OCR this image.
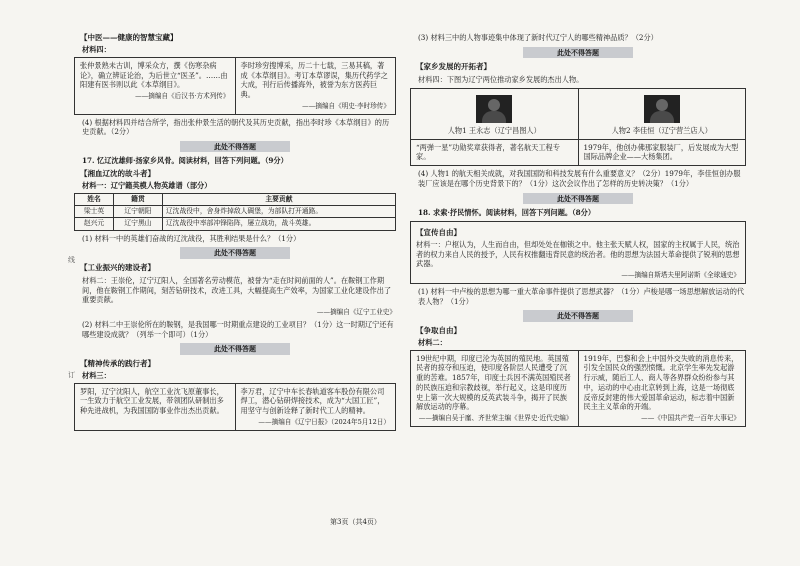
线
订
【中医——健康的智慧宝藏】
材料四：
张仲景熟未古训，博采众方，撰《伤寒杂病论》，确立辨证论治，为后世立“医圣”。……由阳建有医书则以此《本草纲目》。
——摘编自《后汉书·方术列传》
李时珍穷搜博采，历二十七载，三易其稿，著成《本草纲目》。考订本草谬误，集历代药学之大成，刊行后传播海外，被誉为东方医药巨典。
——摘编自《明史·李时珍传》
(4) 根据材料四并结合所学，指出张仲景生活的朝代及其历史贡献，指出李时珍《本草纲目》的历史贡献。（2分）
此处不得答题
17. 忆辽沈雄师·扬家乡风骨。阅读材料，回答下列问题。（9分）
【湘血辽沈的故斗者】
材料一：辽宁籍英模人物英雄谱（部分）
姓名	籍贯	主要贡献
梁士英	辽宁朝阳	辽沈战役中，舍身炸掉敌人碉堡，为部队打开通路。
赵兴元	辽宁黑山	辽沈战役中率部冲锋陷阵，屡立战功，战斗英雄。
(1) 材料一中的英雄们奋战的辽沈战役，其胜利结果是什么？（1分）
此处不得答题
【工业振兴的建设者】
材料二：王崇伦，辽宁辽阳人，全国著名劳动模范，被誉为“走在时间前面的人”。在鞍钢工作期间，他在鞍钢工作期间，刻苦钻研技术，改进工具，大幅提高生产效率，为国家工业化建设作出了重要贡献。
——摘编自《辽宁工业史》
(2) 材料二中王崇伦所在的鞍钢，是我国哪一时期重点建设的工业项目？（1分）这一时期辽宁还有哪些建设成就？（列举一个即可）（1分）
此处不得答题
【精神传承的践行者】
材料三：
罗阳，辽宁沈阳人，航空工业沈飞原董事长，一生致力于航空工业发展，带领团队研制出多种先进战机，为我国国防事业作出杰出贡献。
李万君，辽宁中车长春轨道客车股份有限公司焊工，潜心钻研焊接技术，成为“大国工匠”，用坚守与创新诠释了新时代工人的精神。
——摘编自《辽宁日报》（2024年5月12日）
(3) 材料三中的人物事迹集中体现了新时代辽宁人的哪些精神品质？（2分）
此处不得答题
【家乡发展的开拓者】
材料四：下图为辽宁两位推动家乡发展的杰出人物。
人物1 王永志（辽宁昌图人）	人物2 李佳恒（辽宁营兰店人）
“两弹一星”功勋奖章获得者，著名航天工程专家。
1979年，他创办佛那家服装厂，后发展成为大型国际品牌企业——大杨集团。
(4) 人物1 的航天相关成就，对我国国防和科技发展有什么重要意义？（2分）1979年，李佳恒创办服装厂应该是在哪个历史背景下的？（1分）这次会议作出了怎样的历史转决策？（1分）
此处不得答题
18. 求索·抒民情怀。阅读材料，回答下列问题。（8分）
【宣传自由】
材料一：户枢认为，人生而自由，但却处处在枷锁之中。他主张天赋人权，国家的主权属于人民，统治者的权力来自人民的授予，人民有权推翻违背民意的统治者。他的思想为法国大革命提供了锐利的思想武器。
——摘编自斯塔夫里阿诺斯《全球通史》
(1) 材料一中卢梭的思想为哪一重大革命事件提供了思想武器？（1分）卢梭是哪一场思想解放运动的代表人物？（1分）
此处不得答题
【争取自由】
材料二：
19世纪中期，印度已沦为英国的殖民地。英国殖民者的掠夺和压迫，使印度各阶层人民遭受了沉重的苦难。1857年，印度士兵因不满英国殖民者的民族压迫和宗教歧视，举行起义，这是印度历史上第一次大规模的反英武装斗争，揭开了民族解放运动的序幕。
——摘编自吴于廑、齐世荣主编《世界史·近代史编》
1919年，巴黎和会上中国外交失败的消息传来，引发全国民众的强烈愤慨。北京学生率先发起游行示威，随后工人、商人等各界群众纷纷参与其中，运动的中心由北京转到上海，这是一场彻底反帝反封建的伟大爱国革命运动，标志着中国新民主主义革命的开端。
——《中国共产党一百年大事记》
第3页（共4页）
